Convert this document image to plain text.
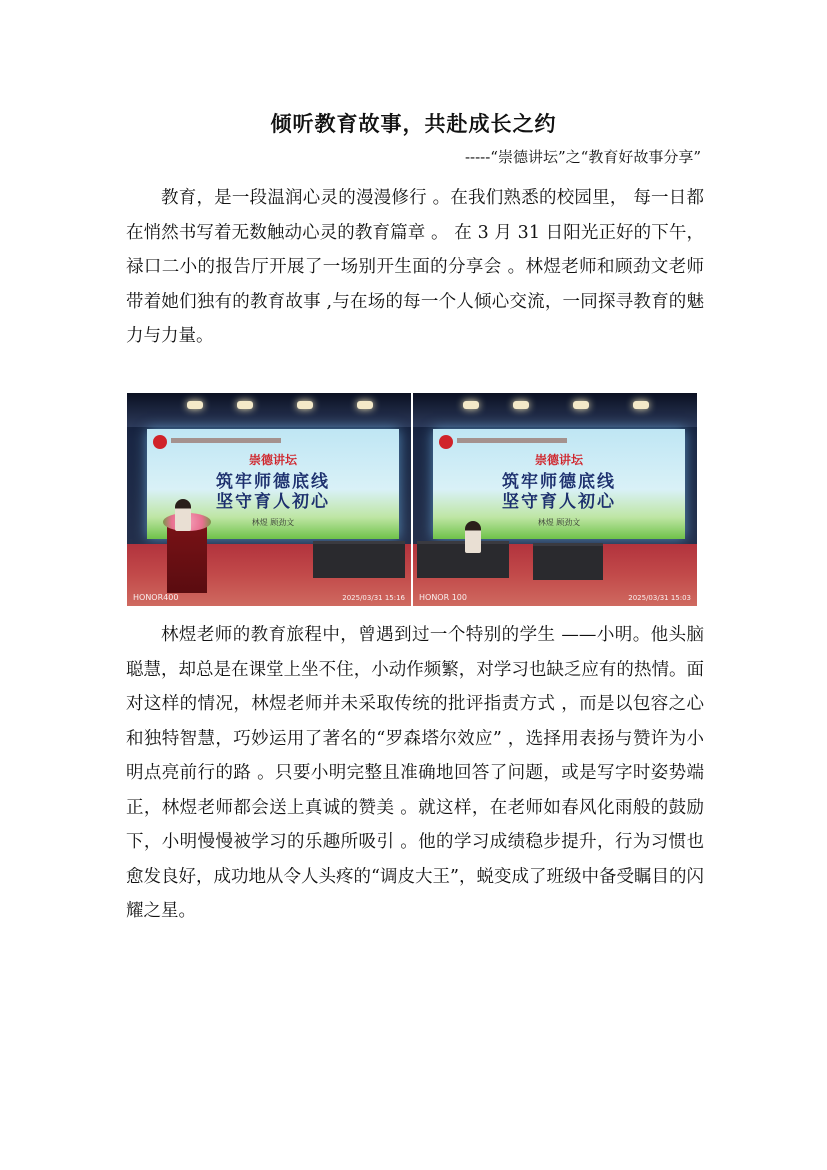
倾听教育故事，共赴成长之约

-----“崇德讲坛”之“教育好故事分享”

教育，是一段温润心灵的漫漫修行 。在我们熟悉的校园里， 每一日都在悄然书写着无数触动心灵的教育篇章 。 在 3 月 31 日阳光正好的下午，禄口二小的报告厅开展了一场别开生面的分享会 。林煜老师和顾劲文老师带着她们独有的教育故事 ,与在场的每一个人倾心交流，一同探寻教育的魅力与力量。

崇德讲坛
筑牢师德底线
坚守育人初心
林煜 顾劲文
HONOR400	2025/03/31 15:16
崇德讲坛
筑牢师德底线
坚守育人初心
林煜 顾劲文
HONOR 100	2025/03/31 15:03

林煜老师的教育旅程中，曾遇到过一个特别的学生 ——小明。他头脑聪慧，却总是在课堂上坐不住，小动作频繁，对学习也缺乏应有的热情。面对这样的情况，林煜老师并未采取传统的批评指责方式 ，而是以包容之心和独特智慧，巧妙运用了著名的“罗森塔尔效应” ，选择用表扬与赞许为小明点亮前行的路 。只要小明完整且准确地回答了问题，或是写字时姿势端正，林煜老师都会送上真诚的赞美 。就这样，在老师如春风化雨般的鼓励下，小明慢慢被学习的乐趣所吸引 。他的学习成绩稳步提升，行为习惯也愈发良好，成功地从令人头疼的“调皮大王”，蜕变成了班级中备受瞩目的闪耀之星。
